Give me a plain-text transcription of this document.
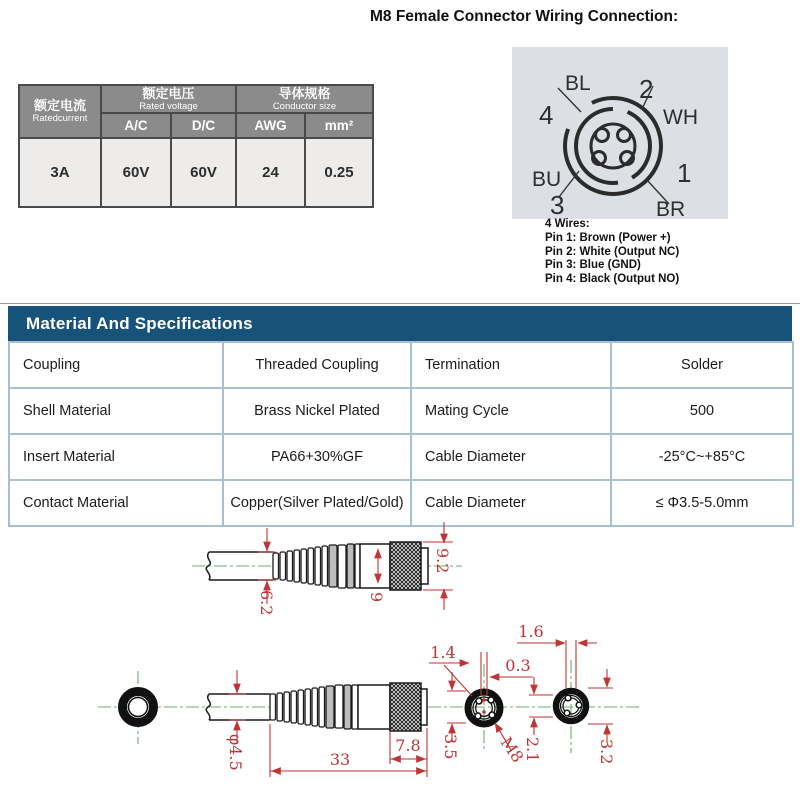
额定电流
Ratedcurrent

额定电压
Rated voltage

导体规格
Conductor size

	A/C	D/C	AWG	mm²
3A	60V	60V	24	0.25
M8 Female Connector Wiring Connection:
BL
4
2
WH
BU
3
1
BR
4 Wires:
Pin 1: Brown (Power +)
Pin 2: White (Output NC)
Pin 3: Blue (GND)
Pin 4: Black (Output NO)
Material And Specifications
Coupling	Threaded Coupling	Termination	Solder
Shell Material	Brass Nickel Plated	Mating Cycle	500
Insert Material	PA66+30%GF	Cable Diameter	-25°C~+85°C
Contact Material	Copper(Silver Plated/Gold)	Cable Diameter	≤ Φ3.5-5.0mm
6.2	9
9.2
φ4.5	33
7.8
1.4
0.3
1.6
3.5 M8
2.1	3.2
